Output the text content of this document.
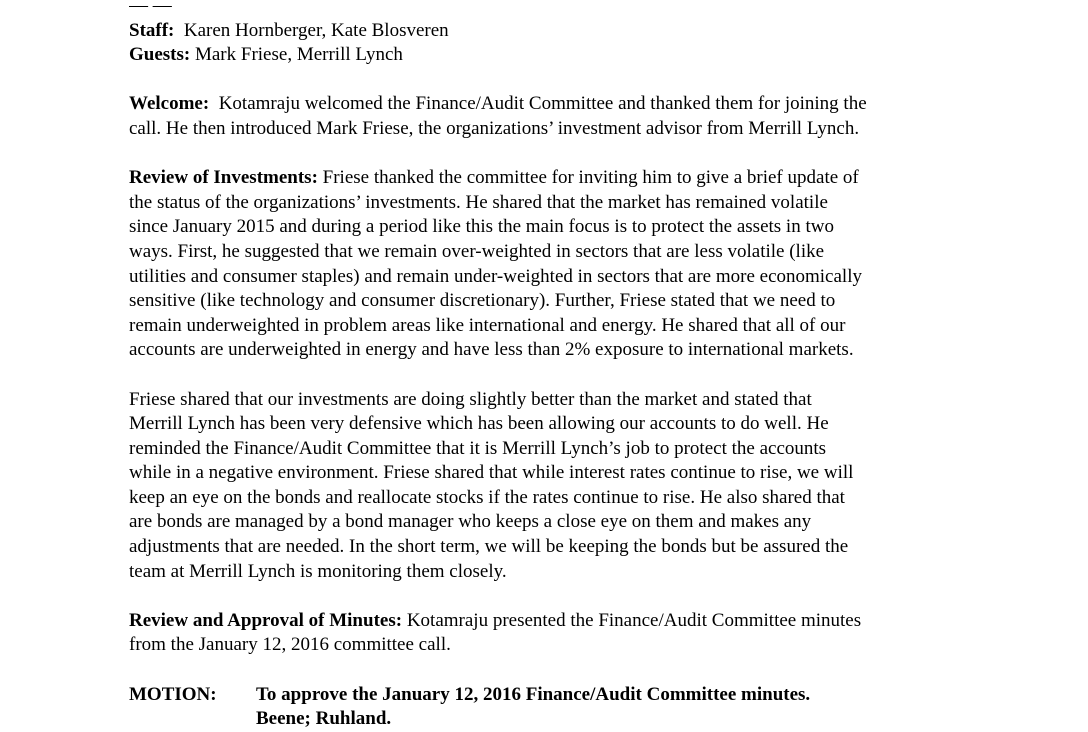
— —
Staff: Karen Hornberger, Kate Blosveren
Guests: Mark Friese, Merrill Lynch
Welcome: Kotamraju welcomed the Finance/Audit Committee and thanked them for joining the
call. He then introduced Mark Friese, the organizations’ investment advisor from Merrill Lynch.
Review of Investments: Friese thanked the committee for inviting him to give a brief update of
the status of the organizations’ investments. He shared that the market has remained volatile
since January 2015 and during a period like this the main focus is to protect the assets in two
ways. First, he suggested that we remain over-weighted in sectors that are less volatile (like
utilities and consumer staples) and remain under-weighted in sectors that are more economically
sensitive (like technology and consumer discretionary). Further, Friese stated that we need to
remain underweighted in problem areas like international and energy. He shared that all of our
accounts are underweighted in energy and have less than 2% exposure to international markets.
Friese shared that our investments are doing slightly better than the market and stated that
Merrill Lynch has been very defensive which has been allowing our accounts to do well. He
reminded the Finance/Audit Committee that it is Merrill Lynch’s job to protect the accounts
while in a negative environment. Friese shared that while interest rates continue to rise, we will
keep an eye on the bonds and reallocate stocks if the rates continue to rise. He also shared that
are bonds are managed by a bond manager who keeps a close eye on them and makes any
adjustments that are needed. In the short term, we will be keeping the bonds but be assured the
team at Merrill Lynch is monitoring them closely.
Review and Approval of Minutes: Kotamraju presented the Finance/Audit Committee minutes
from the January 12, 2016 committee call.
MOTION:	To approve the January 12, 2016 Finance/Audit Committee minutes.
Beene; Ruhland.
